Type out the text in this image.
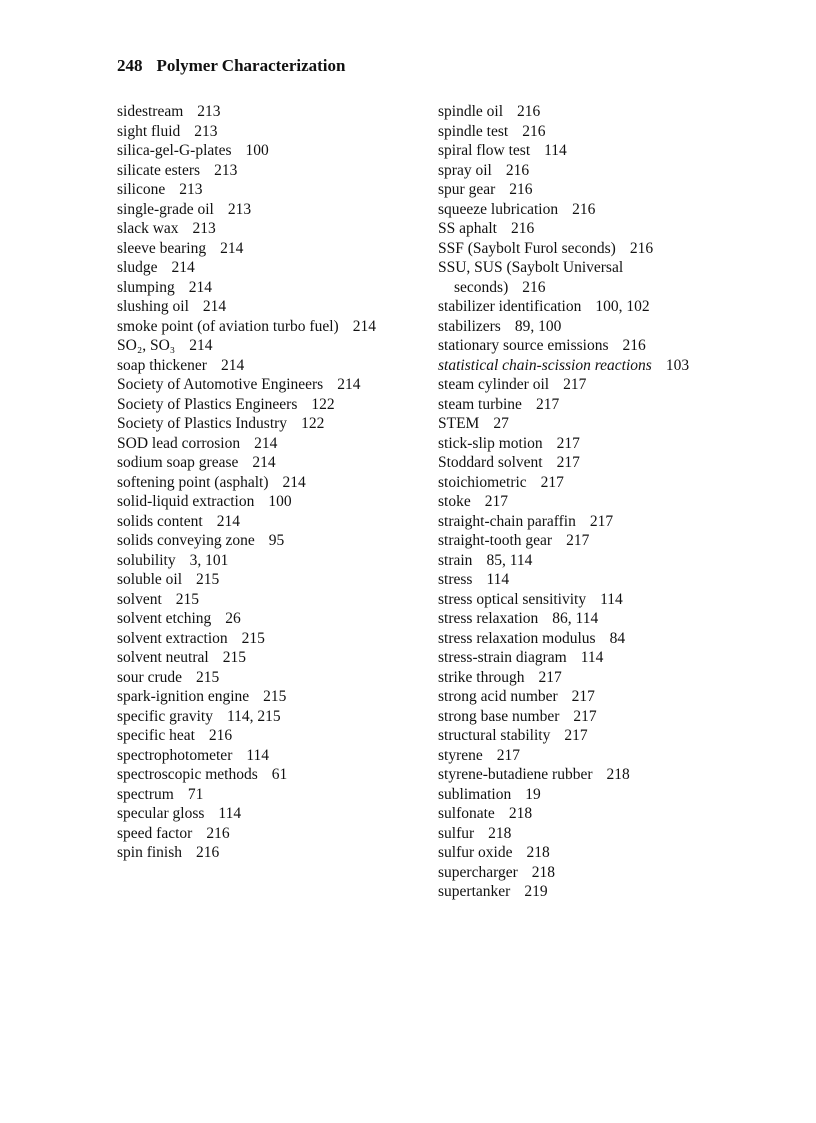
248 Polymer Characterization
sidestream 213
sight fluid 213
silica-gel-G-plates 100
silicate esters 213
silicone 213
single-grade oil 213
slack wax 213
sleeve bearing 214
sludge 214
slumping 214
slushing oil 214
smoke point (of aviation turbo fuel) 214
SO₂, SO₃ 214
soap thickener 214
Society of Automotive Engineers 214
Society of Plastics Engineers 122
Society of Plastics Industry 122
SOD lead corrosion 214
sodium soap grease 214
softening point (asphalt) 214
solid-liquid extraction 100
solids content 214
solids conveying zone 95
solubility 3, 101
soluble oil 215
solvent 215
solvent etching 26
solvent extraction 215
solvent neutral 215
sour crude 215
spark-ignition engine 215
specific gravity 114, 215
specific heat 216
spectrophotometer 114
spectroscopic methods 61
spectrum 71
specular gloss 114
speed factor 216
spin finish 216
spindle oil 216
spindle test 216
spiral flow test 114
spray oil 216
spur gear 216
squeeze lubrication 216
SS aphalt 216
SSF (Saybolt Furol seconds) 216
SSU, SUS (Saybolt Universal seconds) 216
stabilizer identification 100, 102
stabilizers 89, 100
stationary source emissions 216
statistical chain-scission reactions 103
steam cylinder oil 217
steam turbine 217
STEM 27
stick-slip motion 217
Stoddard solvent 217
stoichiometric 217
stoke 217
straight-chain paraffin 217
straight-tooth gear 217
strain 85, 114
stress 114
stress optical sensitivity 114
stress relaxation 86, 114
stress relaxation modulus 84
stress-strain diagram 114
strike through 217
strong acid number 217
strong base number 217
structural stability 217
styrene 217
styrene-butadiene rubber 218
sublimation 19
sulfonate 218
sulfur 218
sulfur oxide 218
supercharger 218
supertanker 219
